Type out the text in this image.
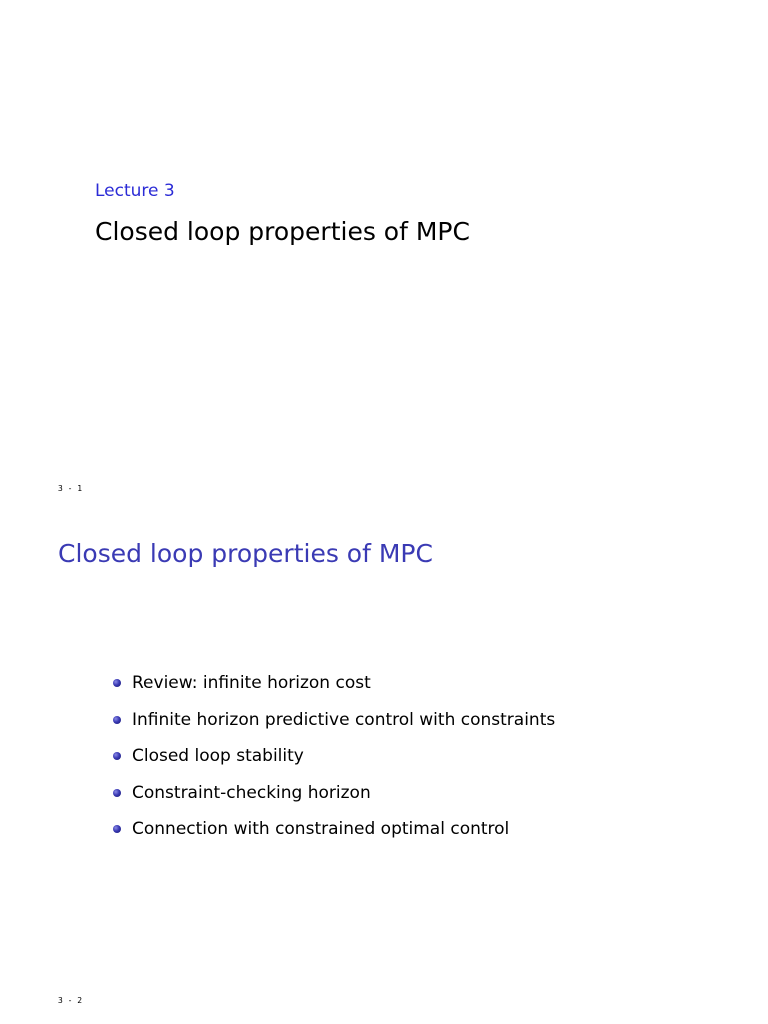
Lecture 3
Closed loop properties of MPC
3 - 1
Closed loop properties of MPC
Review: infinite horizon cost
Infinite horizon predictive control with constraints
Closed loop stability
Constraint-checking horizon
Connection with constrained optimal control
3 - 2
